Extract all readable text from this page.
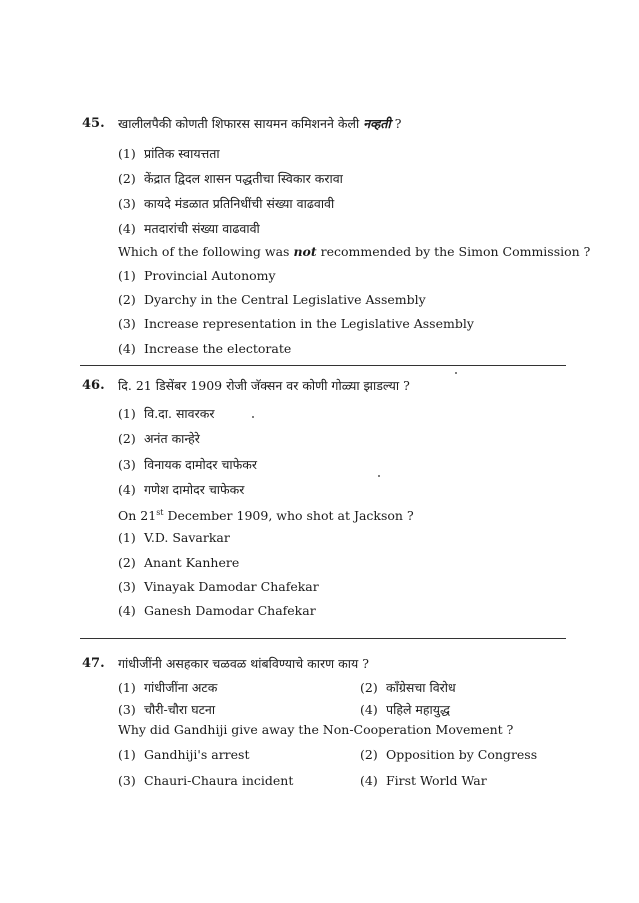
45. खालीलपैकी कोणती शिफारस सायमन कमिशनने केली नव्हती ?
(1) प्रांतिक स्वायत्तता
(2) केंद्रात द्विदल शासन पद्धतीचा स्विकार करावा
(3) कायदे मंडळात प्रतिनिधींची संख्या वाढवावी
(4) मतदारांची संख्या वाढवावी
Which of the following was not recommended by the Simon Commission ?
(1) Provincial Autonomy
(2) Dyarchy in the Central Legislative Assembly
(3) Increase representation in the Legislative Assembly
(4) Increase the electorate
46. दि. 21 डिसेंबर 1909 रोजी जॅक्सन वर कोणी गोळ्या झाडल्या ?
(1) वि.दा. सावरकर
(2) अनंत कान्हेरे
(3) विनायक दामोदर चाफेकर
(4) गणेश दामोदर चाफेकर
On 21st December 1909, who shot at Jackson ?
(1) V.D. Savarkar
(2) Anant Kanhere
(3) Vinayak Damodar Chafekar
(4) Ganesh Damodar Chafekar
47. गांधीजींनी असहकार चळवळ थांबविण्याचे कारण काय ?
(1) गांधीजींना अटक	(2) कॉंग्रेसचा विरोध
(3) चौरी-चौरा घटना	(4) पहिले महायुद्ध
Why did Gandhiji give away the Non-Cooperation Movement ?
(1) Gandhiji's arrest	(2) Opposition by Congress
(3) Chauri-Chaura incident	(4) First World War
